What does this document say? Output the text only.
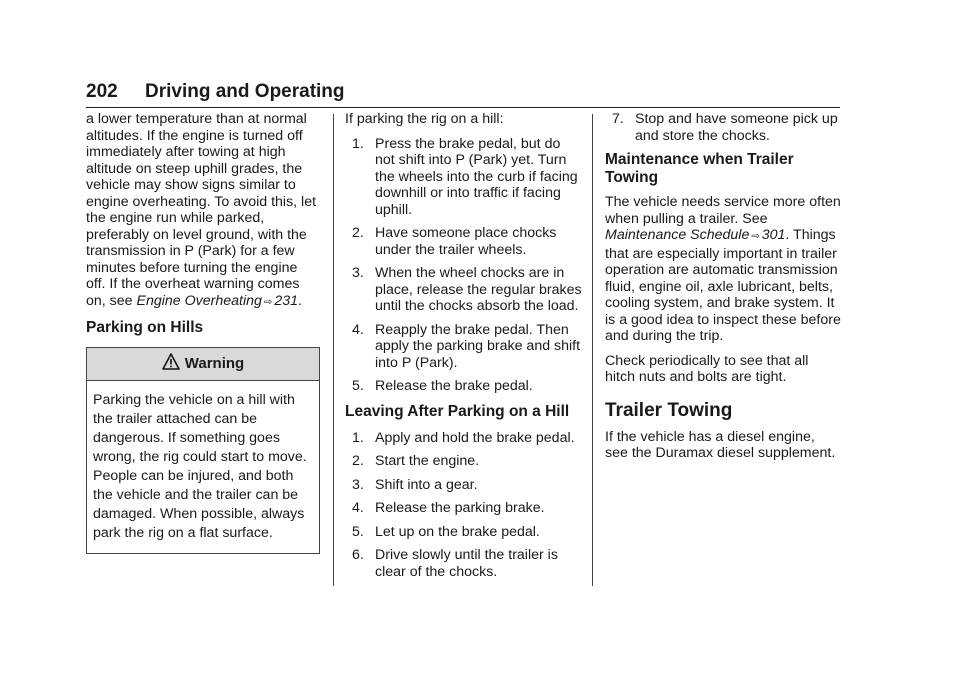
202 Driving and Operating

a lower temperature than at normal altitudes. If the engine is turned off immediately after towing at high altitude on steep uphill grades, the vehicle may show signs similar to engine overheating. To avoid this, let the engine run while parked, preferably on level ground, with the transmission in P (Park) for a few minutes before turning the engine off. If the overheat warning comes on, see Engine Overheating ⇨ 231.

Parking on Hills
Warning
Parking the vehicle on a hill with the trailer attached can be dangerous. If something goes wrong, the rig could start to move. People can be injured, and both the vehicle and the trailer can be damaged. When possible, always park the rig on a flat surface.

If parking the rig on a hill:

1. Press the brake pedal, but do not shift into P (Park) yet. Turn the wheels into the curb if facing downhill or into traffic if facing uphill.
2. Have someone place chocks under the trailer wheels.
3. When the wheel chocks are in place, release the regular brakes until the chocks absorb the load.
4. Reapply the brake pedal. Then apply the parking brake and shift into P (Park).
5. Release the brake pedal.
Leaving After Parking on a Hill
1. Apply and hold the brake pedal.
2. Start the engine.
3. Shift into a gear.
4. Release the parking brake.
5. Let up on the brake pedal.
6. Drive slowly until the trailer is clear of the chocks.
7. Stop and have someone pick up and store the chocks.
Maintenance when Trailer Towing

The vehicle needs service more often when pulling a trailer. See Maintenance Schedule ⇨ 301. Things that are especially important in trailer operation are automatic transmission fluid, engine oil, axle lubricant, belts, cooling system, and brake system. It is a good idea to inspect these before and during the trip.

Check periodically to see that all hitch nuts and bolts are tight.

Trailer Towing

If the vehicle has a diesel engine, see the Duramax diesel supplement.
